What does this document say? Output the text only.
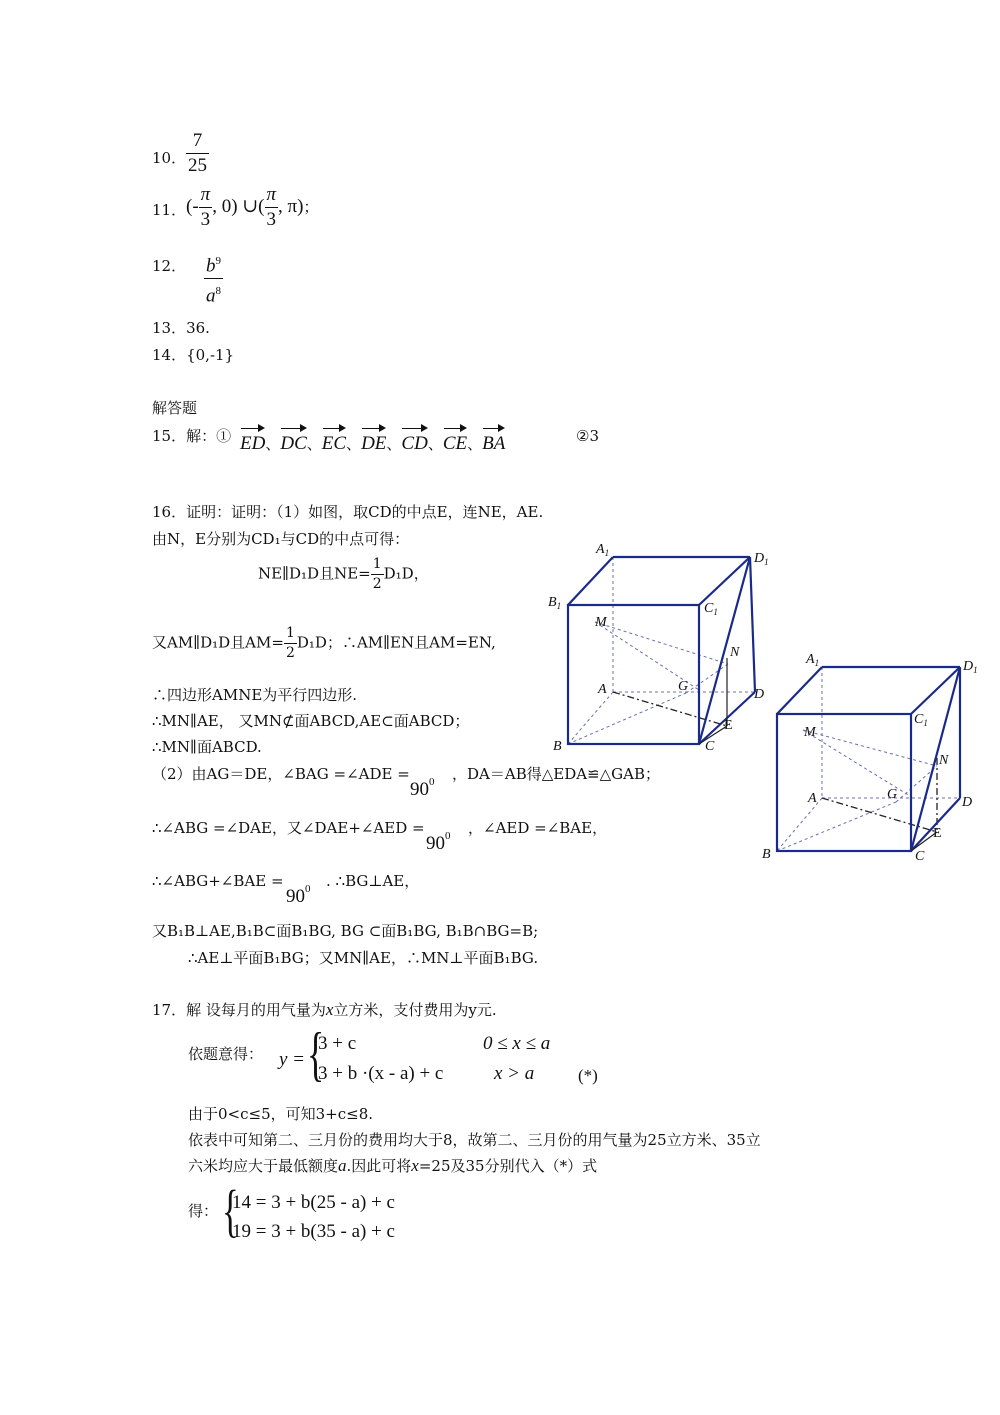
10． $\frac{7}{25}$
11． (- $\frac{\pi}{3}$ , 0) ∪( $\frac{\pi}{3}$ , π)；
12． $\frac{b^9}{a^8}$
13．36.
14．{0,-1}
解答题
15．解：① ED、DC、EC、DE、CD、CE、BA	②3
16．证明：证明：（1）如图，取CD的中点E，连NE，AE.
由N，E分别为CD₁与CD的中点可得：
NE∥D₁D且$NE= \frac{1}{2} D_1D$，
又AM∥D₁D且$AM= \frac{1}{2} D_1D$；∴AM∥EN且AM=EN,
∴四边形AMNE为平行四边形.
∴MN∥AE， 又MN⊄面ABCD,AE⊂面ABCD；
∴MN∥面ABCD.
（2）由AG＝DE，∠BAG =∠ADE =
$90^0$ ，DA＝AB得△EDA≌△GAB；
∴∠ABG =∠DAE，又∠DAE+∠AED =
$90^0$ ，∠AED =∠BAE，
∴∠ABG+∠BAE =
$90^0$ . ∴BG⊥AE，
又B₁B⊥AE,B₁B⊂面B₁BG, BG ⊂面B₁BG, B₁B∩BG=B;
∴AE⊥平面B₁BG；又MN∥AE，∴MN⊥平面B₁BG.
$A_1$	$D_1$
$B_1$	$C_1$
M
N
A	G
D
B	C
E
$A_1$	$D_1$
$C_1$
M
N
A	G
D
E
B	C
17．解 设每月的用气量为x立方米，支付费用为y元.
依题意得： y = {
3 + c	0 ≤ x ≤ a
3 + b ·(x - a) + c	x > a	(*)
由于0<c≤5，可知3+c≤8.
依表中可知第二、三月份的费用均大于8，故第二、三月份的用气量为25立方米、35立
六米均应大于最低额度a.因此可将x=25及35分别代入（*）式
得： {
14 = 3 + b(25 - a) + c
19 = 3 + b(35 - a) + c
